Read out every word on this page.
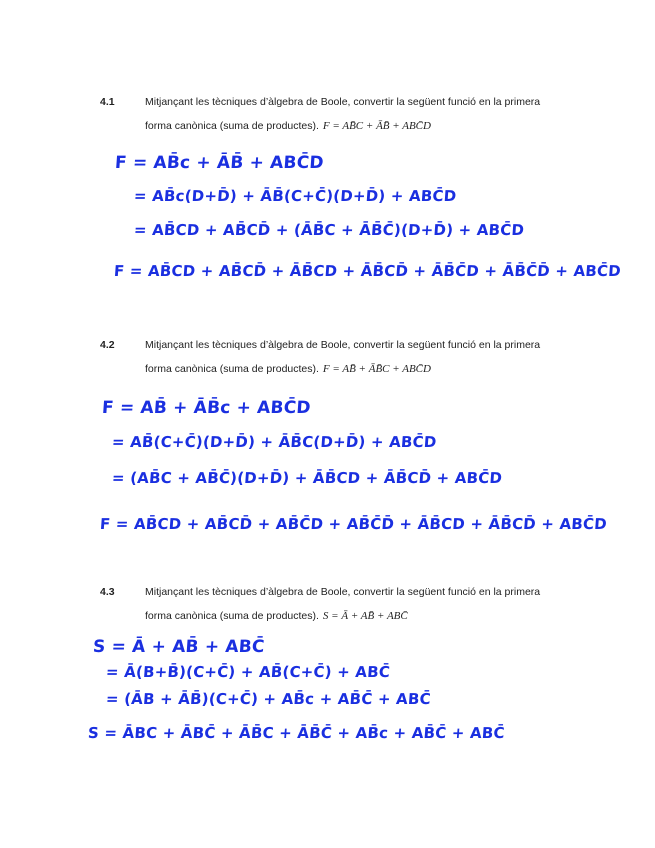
4.1	Mitjançant les tècniques d’àlgebra de Boole, convertir la següent funció en la primera
forma canònica (suma de productes). F = AB̄C + ĀB̄ + ABC̄D
F = AB̄c + ĀB̄ + ABC̄D
= AB̄c(D+D̄) + ĀB̄(C+C̄)(D+D̄) + ABC̄D
= AB̄CD + AB̄CD̄ + (ĀB̄C + ĀB̄C̄)(D+D̄) + ABC̄D
F = AB̄CD + AB̄CD̄ + ĀB̄CD + ĀB̄CD̄ + ĀB̄C̄D + ĀB̄C̄D̄ + ABC̄D
4.2	Mitjançant les tècniques d’àlgebra de Boole, convertir la següent funció en la primera
forma canònica (suma de productes). F = AB̄ + ĀB̄C + ABC̄D
F = AB̄ + ĀB̄c + ABC̄D
= AB̄(C+C̄)(D+D̄) + ĀB̄C(D+D̄) + ABC̄D
= (AB̄C + AB̄C̄)(D+D̄) + ĀB̄CD + ĀB̄CD̄ + ABC̄D
F = AB̄CD + AB̄CD̄ + AB̄C̄D + AB̄C̄D̄ + ĀB̄CD + ĀB̄CD̄ + ABC̄D
4.3	Mitjançant les tècniques d’àlgebra de Boole, convertir la següent funció en la primera
forma canònica (suma de productes). S = Ā + AB̄ + ABC̄
S = Ā + AB̄ + ABC̄
= Ā(B+B̄)(C+C̄) + AB̄(C+C̄) + ABC̄
= (ĀB + ĀB̄)(C+C̄) + AB̄c + AB̄C̄ + ABC̄
S = ĀBC + ĀBC̄ + ĀB̄C + ĀB̄C̄ + AB̄c + AB̄C̄ + ABC̄
